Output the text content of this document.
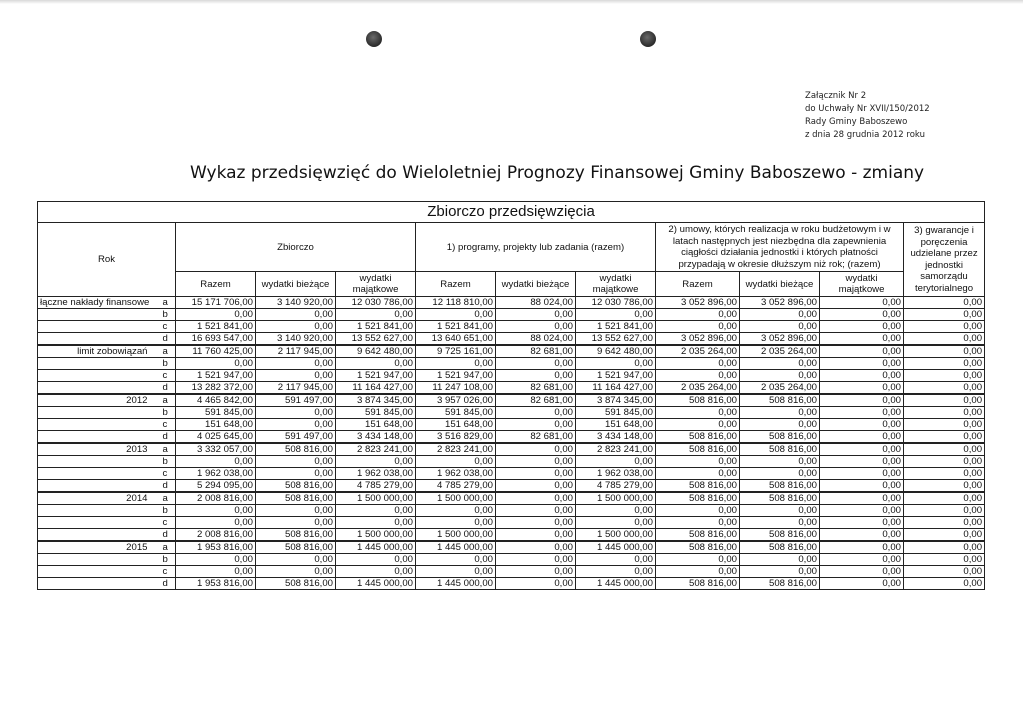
Załącznik Nr 2
do Uchwały Nr XVII/150/2012
Rady Gminy Baboszewo
z dnia 28 grudnia 2012 roku
Wykaz przedsięwzięć do Wieloletniej Prognozy Finansowej Gminy Baboszewo - zmiany
Zbiorczo przedsięwzięcia											
Rok		Zbiorczo			1) programy, projekty lub zadania (razem)			2) umowy, których realizacja w roku budżetowym i w latach następnych jest niezbędna dla zapewnienia ciągłości działania jednostki i których płatności przypadają w okresie dłuższym niż rok; (razem)			3) gwarancje i poręczenia udzielane przez jednostki samorządu terytorialnego
		Razem	wydatki bieżące	wydatki majątkowe	Razem	wydatki bieżące	wydatki majątkowe	Razem	wydatki bieżące	wydatki majątkowe	
łączne nakłady finansowe	a	15 171 706,00	3 140 920,00	12 030 786,00	12 118 810,00	88 024,00	12 030 786,00	3 052 896,00	3 052 896,00	0,00	0,00
	b	0,00	0,00	0,00	0,00	0,00	0,00	0,00	0,00	0,00	0,00
	c	1 521 841,00	0,00	1 521 841,00	1 521 841,00	0,00	1 521 841,00	0,00	0,00	0,00	0,00
	d	16 693 547,00	3 140 920,00	13 552 627,00	13 640 651,00	88 024,00	13 552 627,00	3 052 896,00	3 052 896,00	0,00	0,00
limit zobowiązań	a	11 760 425,00	2 117 945,00	9 642 480,00	9 725 161,00	82 681,00	9 642 480,00	2 035 264,00	2 035 264,00	0,00	0,00
	b	0,00	0,00	0,00	0,00	0,00	0,00	0,00	0,00	0,00	0,00
	c	1 521 947,00	0,00	1 521 947,00	1 521 947,00	0,00	1 521 947,00	0,00	0,00	0,00	0,00
	d	13 282 372,00	2 117 945,00	11 164 427,00	11 247 108,00	82 681,00	11 164 427,00	2 035 264,00	2 035 264,00	0,00	0,00
2012	a	4 465 842,00	591 497,00	3 874 345,00	3 957 026,00	82 681,00	3 874 345,00	508 816,00	508 816,00	0,00	0,00
	b	591 845,00	0,00	591 845,00	591 845,00	0,00	591 845,00	0,00	0,00	0,00	0,00
	c	151 648,00	0,00	151 648,00	151 648,00	0,00	151 648,00	0,00	0,00	0,00	0,00
	d	4 025 645,00	591 497,00	3 434 148,00	3 516 829,00	82 681,00	3 434 148,00	508 816,00	508 816,00	0,00	0,00
2013	a	3 332 057,00	508 816,00	2 823 241,00	2 823 241,00	0,00	2 823 241,00	508 816,00	508 816,00	0,00	0,00
	b	0,00	0,00	0,00	0,00	0,00	0,00	0,00	0,00	0,00	0,00
	c	1 962 038,00	0,00	1 962 038,00	1 962 038,00	0,00	1 962 038,00	0,00	0,00	0,00	0,00
	d	5 294 095,00	508 816,00	4 785 279,00	4 785 279,00	0,00	4 785 279,00	508 816,00	508 816,00	0,00	0,00
2014	a	2 008 816,00	508 816,00	1 500 000,00	1 500 000,00	0,00	1 500 000,00	508 816,00	508 816,00	0,00	0,00
	b	0,00	0,00	0,00	0,00	0,00	0,00	0,00	0,00	0,00	0,00
	c	0,00	0,00	0,00	0,00	0,00	0,00	0,00	0,00	0,00	0,00
	d	2 008 816,00	508 816,00	1 500 000,00	1 500 000,00	0,00	1 500 000,00	508 816,00	508 816,00	0,00	0,00
2015	a	1 953 816,00	508 816,00	1 445 000,00	1 445 000,00	0,00	1 445 000,00	508 816,00	508 816,00	0,00	0,00
	b	0,00	0,00	0,00	0,00	0,00	0,00	0,00	0,00	0,00	0,00
	c	0,00	0,00	0,00	0,00	0,00	0,00	0,00	0,00	0,00	0,00
	d	1 953 816,00	508 816,00	1 445 000,00	1 445 000,00	0,00	1 445 000,00	508 816,00	508 816,00	0,00	0,00
